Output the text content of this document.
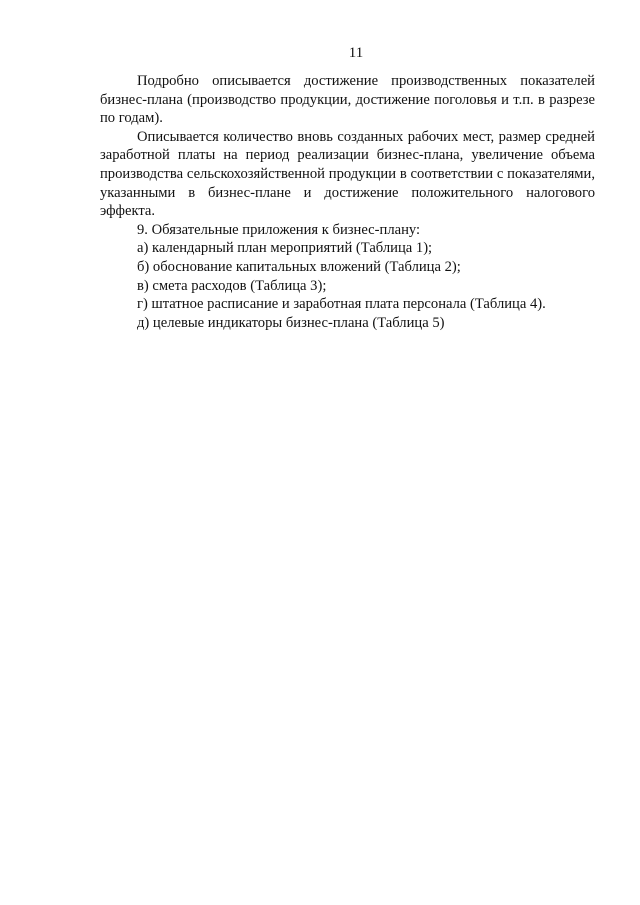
11

Подробно описывается достижение производственных показателей бизнес-плана (производство продукции, достижение поголовья и т.п. в разрезе по годам).

Описывается количество вновь созданных рабочих мест, размер средней заработной платы на период реализации бизнес-плана, увеличение объема производства сельскохозяйственной продукции в соответствии с показателями, указанными в бизнес-плане и достижение положительного налогового эффекта.

9. Обязательные приложения к бизнес-плану:

а) календарный план мероприятий (Таблица 1);

б) обоснование капитальных вложений (Таблица 2);

в) смета расходов (Таблица 3);

г) штатное расписание и заработная плата персонала (Таблица 4).

д) целевые индикаторы бизнес-плана (Таблица 5)
